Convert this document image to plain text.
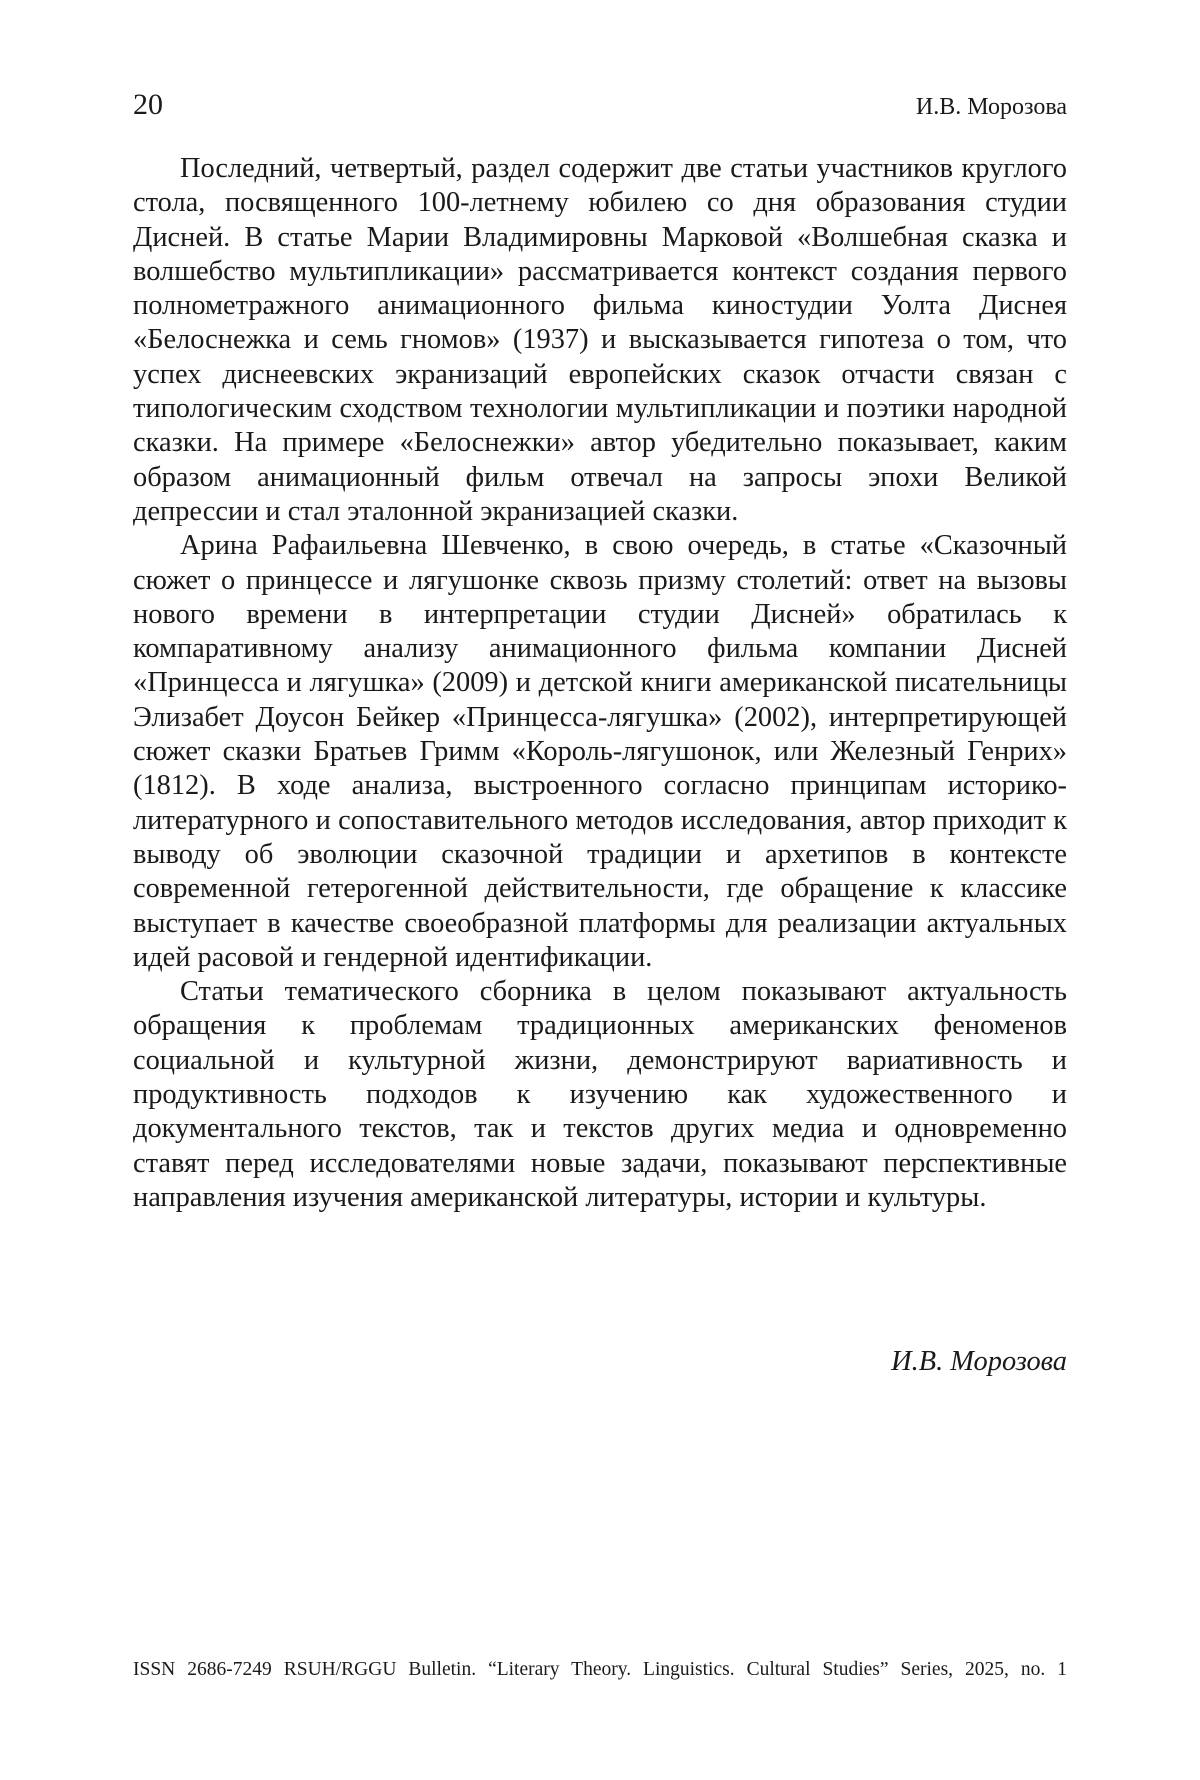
20	И.В. Морозова

Последний, четвертый, раздел содержит две статьи участников круглого стола, посвященного 100-летнему юбилею со дня образо­вания студии Дисней. В статье Марии Владимировны Марковой «Волшебная сказка и волшебство мультипликации» рассматрива­ется контекст создания первого полнометражного анимационного фильма киностудии Уолта Диснея «Белоснежка и семь гномов» (1937) и высказывается гипотеза о том, что успех диснеевских экранизаций европейских сказок отчасти связан с типологиче­ским сходством технологии мультипликации и поэтики народной сказки. На примере «Белоснежки» автор убедительно показывает, каким образом анимационный фильм отвечал на запросы эпохи Великой депрессии и стал эталонной экранизацией сказки.

Арина Рафаильевна Шевченко, в свою очередь, в статье «Ска­зочный сюжет о принцессе и лягушонке сквозь призму столетий: ответ на вызовы нового времени в интерпретации студии Дисней» обратилась к компаративному анализу анимационного фильма компании Дисней «Принцесса и лягушка» (2009) и детской книги американской писательницы Элизабет Доусон Бейкер «Принцесса-лягушка» (2002), интерпретирующей сюжет сказки Братьев Гримм «Король-лягушонок, или Железный Генрих» (1812). В ходе ана­лиза, выстроенного согласно принципам историко-литературного и сопоставительного методов исследования, автор приходит к выводу об эволюции сказочной традиции и архетипов в контексте современной гетерогенной действительности, где обращение к классике выступает в качестве своеобразной платформы для реа­лизации актуальных идей расовой и гендерной идентификации.

Статьи тематического сборника в целом показывают актуаль­ность обращения к проблемам традиционных американских фено­менов социальной и культурной жизни, демонстрируют вариатив­ность и продуктивность подходов к изучению как художественного и документального текстов, так и текстов других медиа и одновре­менно ставят перед исследователями новые задачи, показывают перспективные направления изучения американской литературы, истории и культуры.

И.В. Морозова
ISSN 2686-7249 RSUH/RGGU Bulletin. “Literary Theory. Linguistics. Cultural Studies” Series, 2025, no. 1
